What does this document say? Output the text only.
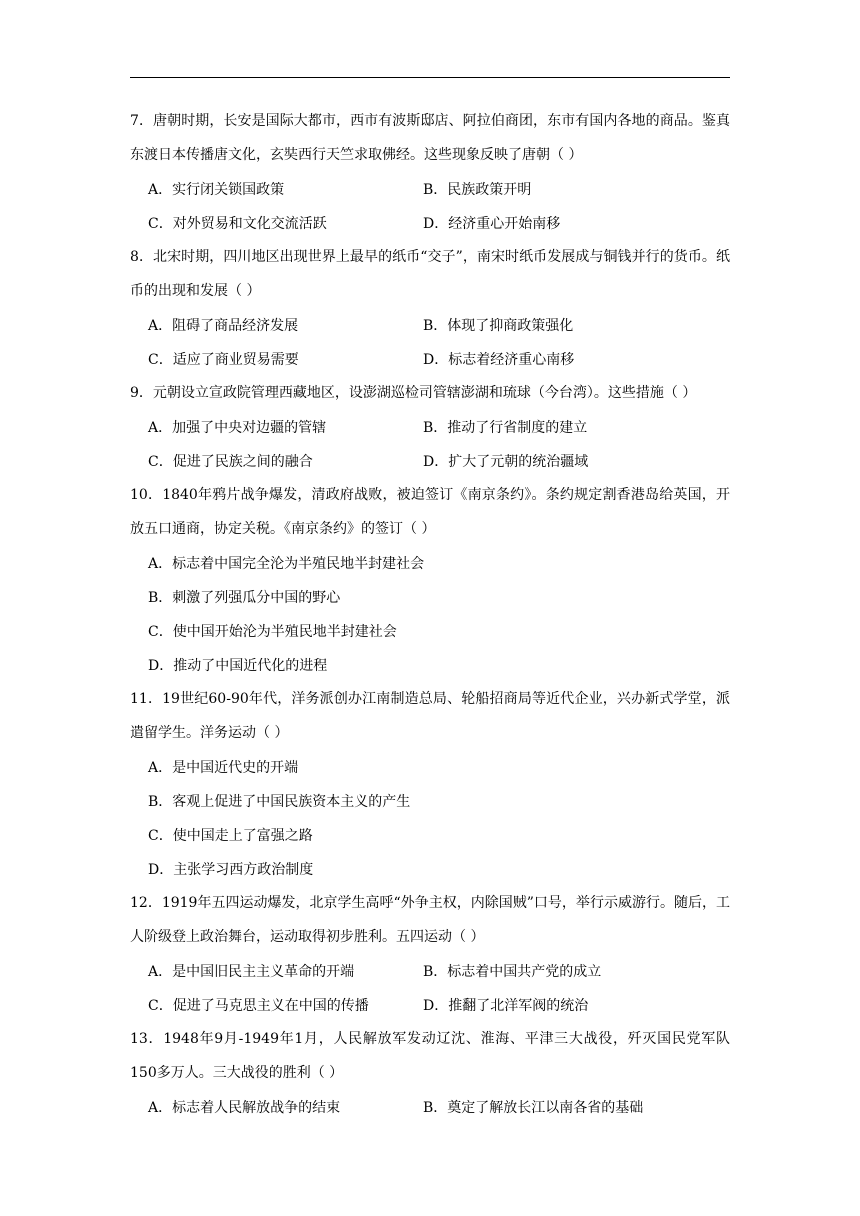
7．唐朝时期，长安是国际大都市，西市有波斯邸店、阿拉伯商团，东市有国内各地的商品。鉴真东渡日本传播唐文化，玄奘西行天竺求取佛经。这些现象反映了唐朝（ ）

A．实行闭关锁国政策	B．民族政策开明
C．对外贸易和文化交流活跃	D．经济重心开始南移

8．北宋时期，四川地区出现世界上最早的纸币“交子”，南宋时纸币发展成与铜钱并行的货币。纸币的出现和发展（ ）

A．阻碍了商品经济发展	B．体现了抑商政策强化
C．适应了商业贸易需要	D．标志着经济重心南移

9．元朝设立宣政院管理西藏地区，设澎湖巡检司管辖澎湖和琉球（今台湾）。这些措施（ ）

A．加强了中央对边疆的管辖	B．推动了行省制度的建立
C．促进了民族之间的融合	D．扩大了元朝的统治疆域

10．1840年鸦片战争爆发，清政府战败，被迫签订《南京条约》。条约规定割香港岛给英国，开放五口通商，协定关税。《南京条约》的签订（ ）

A．标志着中国完全沦为半殖民地半封建社会
B．刺激了列强瓜分中国的野心
C．使中国开始沦为半殖民地半封建社会
D．推动了中国近代化的进程

11．19世纪60-90年代，洋务派创办江南制造总局、轮船招商局等近代企业，兴办新式学堂，派遣留学生。洋务运动（ ）

A．是中国近代史的开端
B．客观上促进了中国民族资本主义的产生
C．使中国走上了富强之路
D．主张学习西方政治制度

12．1919年五四运动爆发，北京学生高呼“外争主权，内除国贼”口号，举行示威游行。随后，工人阶级登上政治舞台，运动取得初步胜利。五四运动（ ）

A．是中国旧民主主义革命的开端	B．标志着中国共产党的成立
C．促进了马克思主义在中国的传播	D．推翻了北洋军阀的统治

13．1948年9月-1949年1月，人民解放军发动辽沈、淮海、平津三大战役，歼灭国民党军队150多万人。三大战役的胜利（ ）

A．标志着人民解放战争的结束	B．奠定了解放长江以南各省的基础
